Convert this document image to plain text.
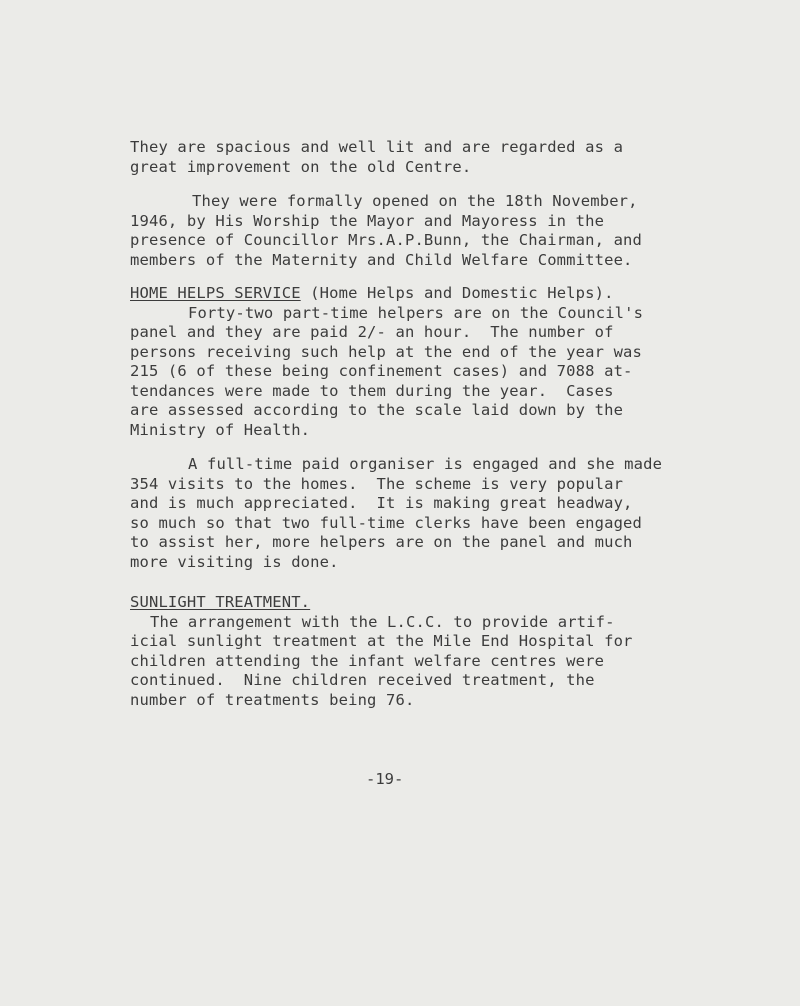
They are spacious and well lit and are regarded as a
great improvement on the old Centre.
They were formally opened on the 18th November,
1946, by His Worship the Mayor and Mayoress in the
presence of Councillor Mrs.A.P.Bunn, the Chairman, and
members of the Maternity and Child Welfare Committee.
HOME HELPS SERVICE (Home Helps and Domestic Helps).
Forty-two part-time helpers are on the Council's
panel and they are paid 2/- an hour.  The number of
persons receiving such help at the end of the year was
215 (6 of these being confinement cases) and 7088 at-
tendances were made to them during the year.  Cases
are assessed according to the scale laid down by the
Ministry of Health.
A full-time paid organiser is engaged and she made
354 visits to the homes.  The scheme is very popular
and is much appreciated.  It is making great headway,
so much so that two full-time clerks have been engaged
to assist her, more helpers are on the panel and much
more visiting is done.
SUNLIGHT TREATMENT.
The arrangement with the L.C.C. to provide artif-
icial sunlight treatment at the Mile End Hospital for
children attending the infant welfare centres were
continued.  Nine children received treatment, the
number of treatments being 76.
-19-
